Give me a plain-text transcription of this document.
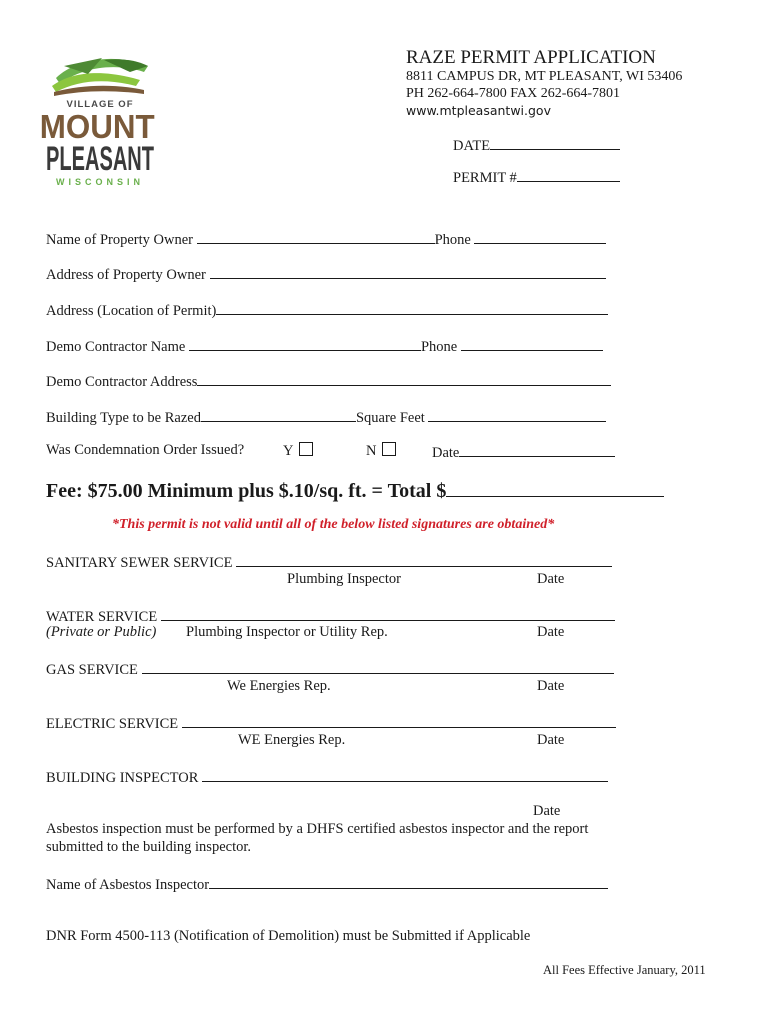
VILLAGE OF
MOUNT
PLEASANT
WISCONSIN
RAZE PERMIT APPLICATION
8811 CAMPUS DR, MT PLEASANT, WI 53406
PH 262-664-7800 FAX 262-664-7801
www.mtpleasantwi.gov
DATE
PERMIT #
Name of Property Owner	Phone
Address of Property Owner
Address (Location of Permit)
Demo Contractor Name	Phone
Demo Contractor Address
Building Type to be Razed	Square Feet
Was Condemnation Order Issued?	Y	N	Date
Fee: $75.00 Minimum plus $.10/sq. ft. = Total $
*This permit is not valid until all of the below listed signatures are obtained*
SANITARY SEWER SERVICE
Plumbing Inspector	Date
WATER SERVICE
(Private or Public) Plumbing Inspector or Utility Rep.	Date
GAS SERVICE
We Energies Rep.	Date
ELECTRIC SERVICE
WE Energies Rep.	Date
BUILDING INSPECTOR
Date
Asbestos inspection must be performed by a DHFS certified asbestos inspector and the report
submitted to the building inspector.
Name of Asbestos Inspector
DNR Form 4500-113 (Notification of Demolition) must be Submitted if Applicable
All Fees Effective January, 2011
